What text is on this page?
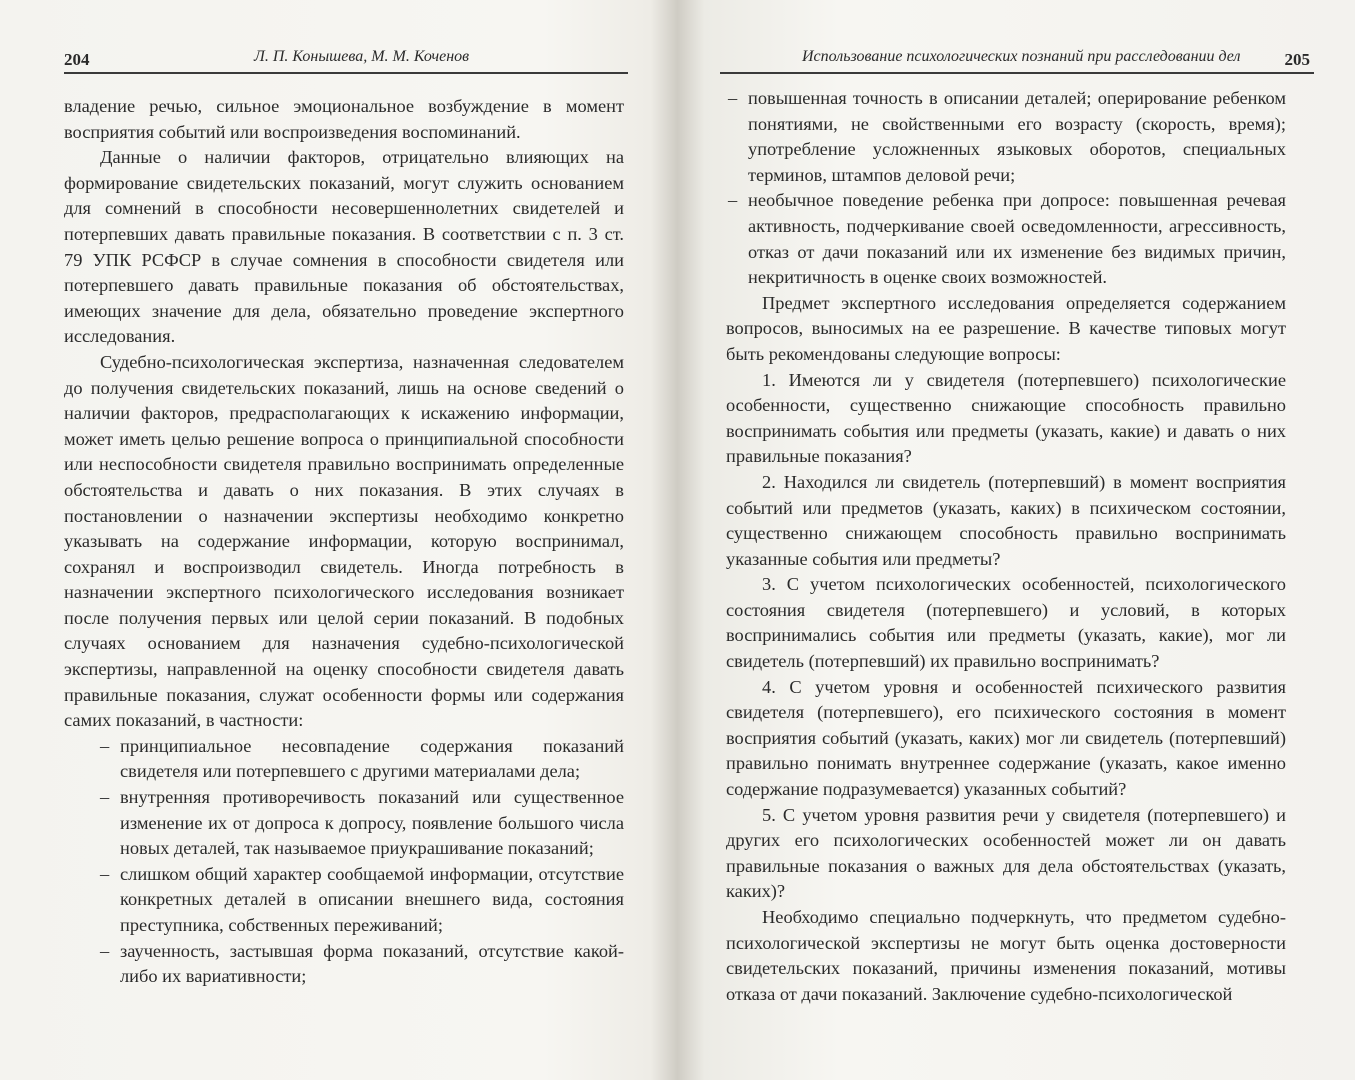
204	Л. П. Конышева, М. М. Коченов

владение речью, сильное эмоциональное возбуждение в момент восприятия событий или воспроизведения воспоминаний.

Данные о наличии факторов, отрицательно влияющих на формирование свидетельских показаний, могут служить основанием для сомнений в способности несовершеннолетних свидетелей и потерпевших давать правильные показания. В соответствии с п. 3 ст. 79 УПК РСФСР в случае сомнения в способности свидетеля или потерпевшего давать правильные показания об обстоятельствах, имеющих значение для дела, обязательно проведение экспертного исследования.

Судебно-психологическая экспертиза, назначенная следователем до получения свидетельских показаний, лишь на основе сведений о наличии факторов, предрасполагающих к искажению информации, может иметь целью решение вопроса о принципиальной способности или неспособности свидетеля правильно воспринимать определенные обстоятельства и давать о них показания. В этих случаях в постановлении о назначении экспертизы необходимо конкретно указывать на содержание информации, которую воспринимал, сохранял и воспроизводил свидетель. Иногда потребность в назначении экспертного психологического исследования возникает после получения первых или целой серии показаний. В подобных случаях основанием для назначения судебно-психологической экспертизы, направленной на оценку способности свидетеля давать правильные показания, служат особенности формы или содержания самих показаний, в частности:

– принципиальное несовпадение содержания показаний свидетеля или потерпевшего с другими материалами дела;
– внутренняя противоречивость показаний или существенное изменение их от допроса к допросу, появление большого числа новых деталей, так называемое приукрашивание показаний;
– слишком общий характер сообщаемой информации, отсутствие конкретных деталей в описании внешнего вида, состояния преступника, собственных переживаний;
– заученность, застывшая форма показаний, отсутствие какой-либо их вариативности;
Использование психологических познаний при расследовании дел	205
– повышенная точность в описании деталей; оперирование ребенком понятиями, не свойственными его возрасту (скорость, время); употребление усложненных языковых оборотов, специальных терминов, штампов деловой речи;
– необычное поведение ребенка при допросе: повышенная речевая активность, подчеркивание своей осведомленности, агрессивность, отказ от дачи показаний или их изменение без видимых причин, некритичность в оценке своих возможностей.

Предмет экспертного исследования определяется содержанием вопросов, выносимых на ее разрешение. В качестве типовых могут быть рекомендованы следующие вопросы:

1. Имеются ли у свидетеля (потерпевшего) психологические особенности, существенно снижающие способность правильно воспринимать события или предметы (указать, какие) и давать о них правильные показания?

2. Находился ли свидетель (потерпевший) в момент восприятия событий или предметов (указать, каких) в психическом состоянии, существенно снижающем способность правильно воспринимать указанные события или предметы?

3. С учетом психологических особенностей, психологического состояния свидетеля (потерпевшего) и условий, в которых воспринимались события или предметы (указать, какие), мог ли свидетель (потерпевший) их правильно воспринимать?

4. С учетом уровня и особенностей психического развития свидетеля (потерпевшего), его психического состояния в момент восприятия событий (указать, каких) мог ли свидетель (потерпевший) правильно понимать внутреннее содержание (указать, какое именно содержание подразумевается) указанных событий?

5. С учетом уровня развития речи у свидетеля (потерпевшего) и других его психологических особенностей может ли он давать правильные показания о важных для дела обстоятельствах (указать, каких)?

Необходимо специально подчеркнуть, что предметом судебно-психологической экспертизы не могут быть оценка достоверности свидетельских показаний, причины изменения показаний, мотивы отказа от дачи показаний. Заключение судебно-психологической
